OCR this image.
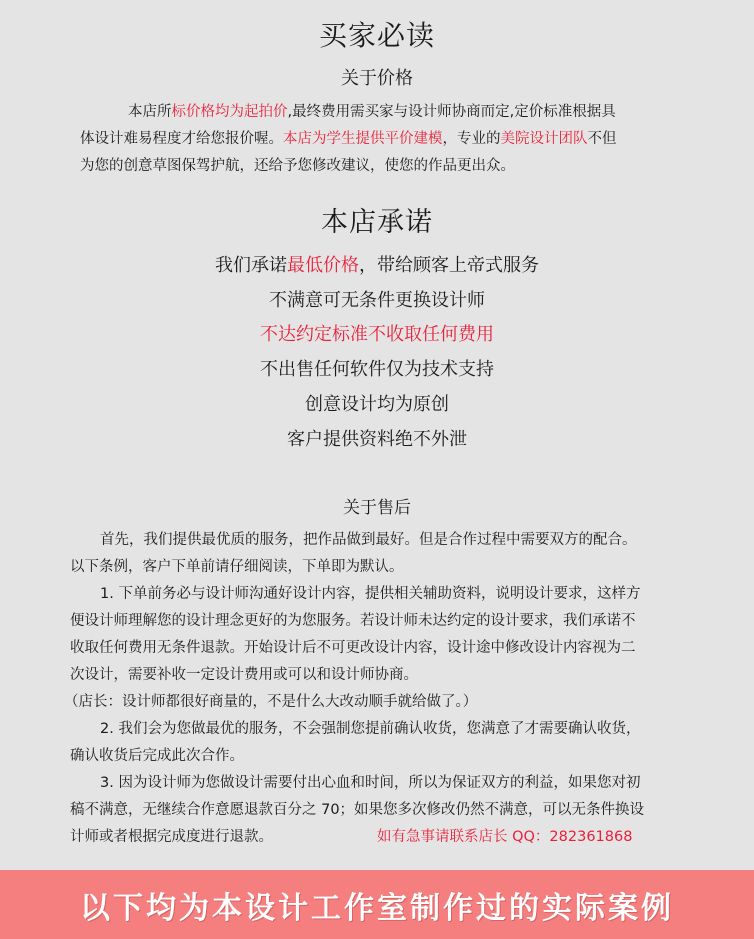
买家必读
关于价格
本店所标价格均为起拍价,最终费用需买家与设计师协商而定,定价标准根据具
体设计难易程度才给您报价喔。本店为学生提供平价建模，专业的美院设计团队不但
为您的创意草图保驾护航，还给予您修改建议，使您的作品更出众。
本店承诺
我们承诺最低价格，带给顾客上帝式服务
不满意可无条件更换设计师
不达约定标准不收取任何费用
不出售任何软件仅为技术支持
创意设计均为原创
客户提供资料绝不外泄
关于售后
首先，我们提供最优质的服务，把作品做到最好。但是合作过程中需要双方的配合。
以下条例，客户下单前请仔细阅读，下单即为默认。
1. 下单前务必与设计师沟通好设计内容，提供相关辅助资料，说明设计要求，这样方
便设计师理解您的设计理念更好的为您服务。若设计师未达约定的设计要求，我们承诺不
收取任何费用无条件退款。开始设计后不可更改设计内容，设计途中修改设计内容视为二
次设计，需要补收一定设计费用或可以和设计师协商。
（店长：设计师都很好商量的，不是什么大改动顺手就给做了。）
2. 我们会为您做最优的服务，不会强制您提前确认收货，您满意了才需要确认收货，
确认收货后完成此次合作。
3. 因为设计师为您做设计需要付出心血和时间，所以为保证双方的利益，如果您对初
稿不满意，无继续合作意愿退款百分之 70；如果您多次修改仍然不满意，可以无条件换设
计师或者根据完成度进行退款。	如有急事请联系店长 QQ：282361868
以下均为本设计工作室制作过的实际案例
